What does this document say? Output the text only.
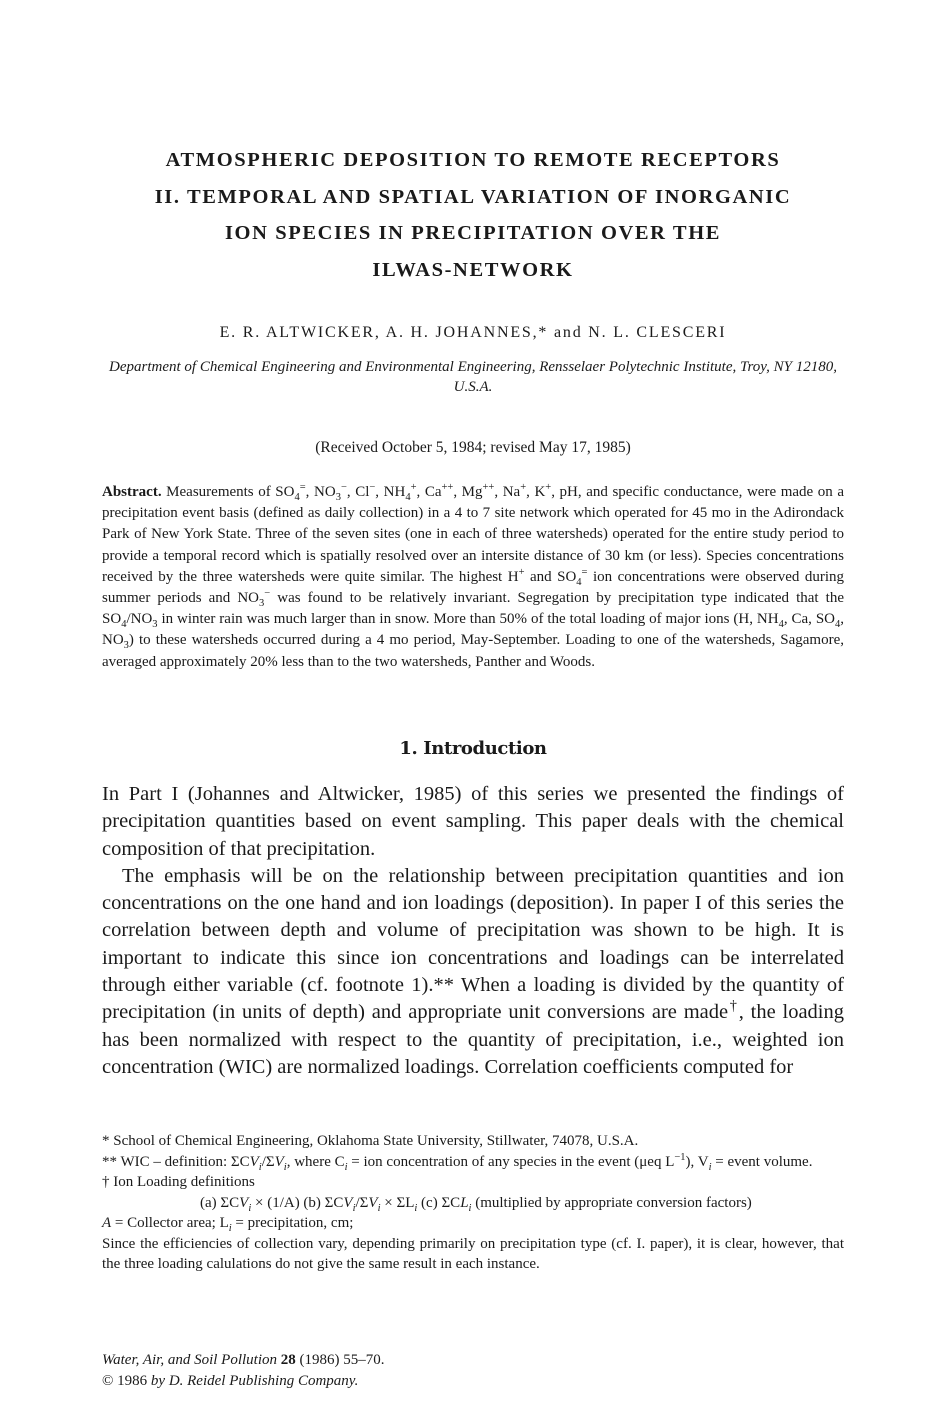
ATMOSPHERIC DEPOSITION TO REMOTE RECEPTORS
II. TEMPORAL AND SPATIAL VARIATION OF INORGANIC
ION SPECIES IN PRECIPITATION OVER THE
ILWAS-NETWORK

E. R. ALTWICKER, A. H. JOHANNES,* and N. L. CLESCERI

Department of Chemical Engineering and Environmental Engineering, Rensselaer Polytechnic Institute, Troy, NY 12180, U.S.A.

(Received October 5, 1984; revised May 17, 1985)

Abstract. Measurements of $SO_4^=$, $NO_3^-$, Cl−, $NH_4^+$, Ca++, Mg++, Na+, K+, pH, and specific conductance, were made on a precipitation event basis (defined as daily collection) in a 4 to 7 site network which operated for 45 mo in the Adirondack Park of New York State. Three of the seven sites (one in each of three watersheds) operated for the entire study period to provide a temporal record which is spatially resolved over an intersite distance of 30 km (or less). Species concentrations received by the three watersheds were quite similar. The highest H+ and $SO_4^=$ ion concentrations were observed during summer periods and $NO_3^-$ was found to be relatively invariant. Segregation by precipitation type indicated that the $SO_4/NO_3$ in winter rain was much larger than in snow. More than 50% of the total loading of major ions (H, $NH_4$, Ca, $SO_4$, $NO_3$) to these watersheds occurred during a 4 mo period, May-September. Loading to one of the watersheds, Sagamore, averaged approximately 20% less than to the two watersheds, Panther and Woods.

1. Introduction

In Part I (Johannes and Altwicker, 1985) of this series we presented the findings of precipitation quantities based on event sampling. This paper deals with the chemical composition of that precipitation.

The emphasis will be on the relationship between precipitation quantities and ion concentrations on the one hand and ion loadings (deposition). In paper I of this series the correlation between depth and volume of precipitation was shown to be high. It is important to indicate this since ion concentrations and loadings can be interrelated through either variable (cf. footnote 1).** When a loading is divided by the quantity of precipitation (in units of depth) and appropriate unit conversions are made†, the loading has been normalized with respect to the quantity of precipitation, i.e., weighted ion concentration (WIC) are normalized loadings. Correlation coefficients computed for

* School of Chemical Engineering, Oklahoma State University, Stillwater, 74078, U.S.A.

** WIC – definition: $\Sigma CV_i/\Sigma V_i$, where $C_i$ = ion concentration of any species in the event (μeq $L^{-1}$), $V_i$ = event volume.

† Ion Loading definitions

(a) $\Sigma CV_i \times (1/A)$ (b) $\Sigma CV_i/\Sigma V_i \times \Sigma L_i$ (c) $\Sigma CL_i$ (multiplied by appropriate conversion factors)

A = Collector area; $L_i$ = precipitation, cm;

Since the efficiencies of collection vary, depending primarily on precipitation type (cf. I. paper), it is clear, however, that the three loading calulations do not give the same result in each instance.

Water, Air, and Soil Pollution 28 (1986) 55–70.
© 1986 by D. Reidel Publishing Company.
